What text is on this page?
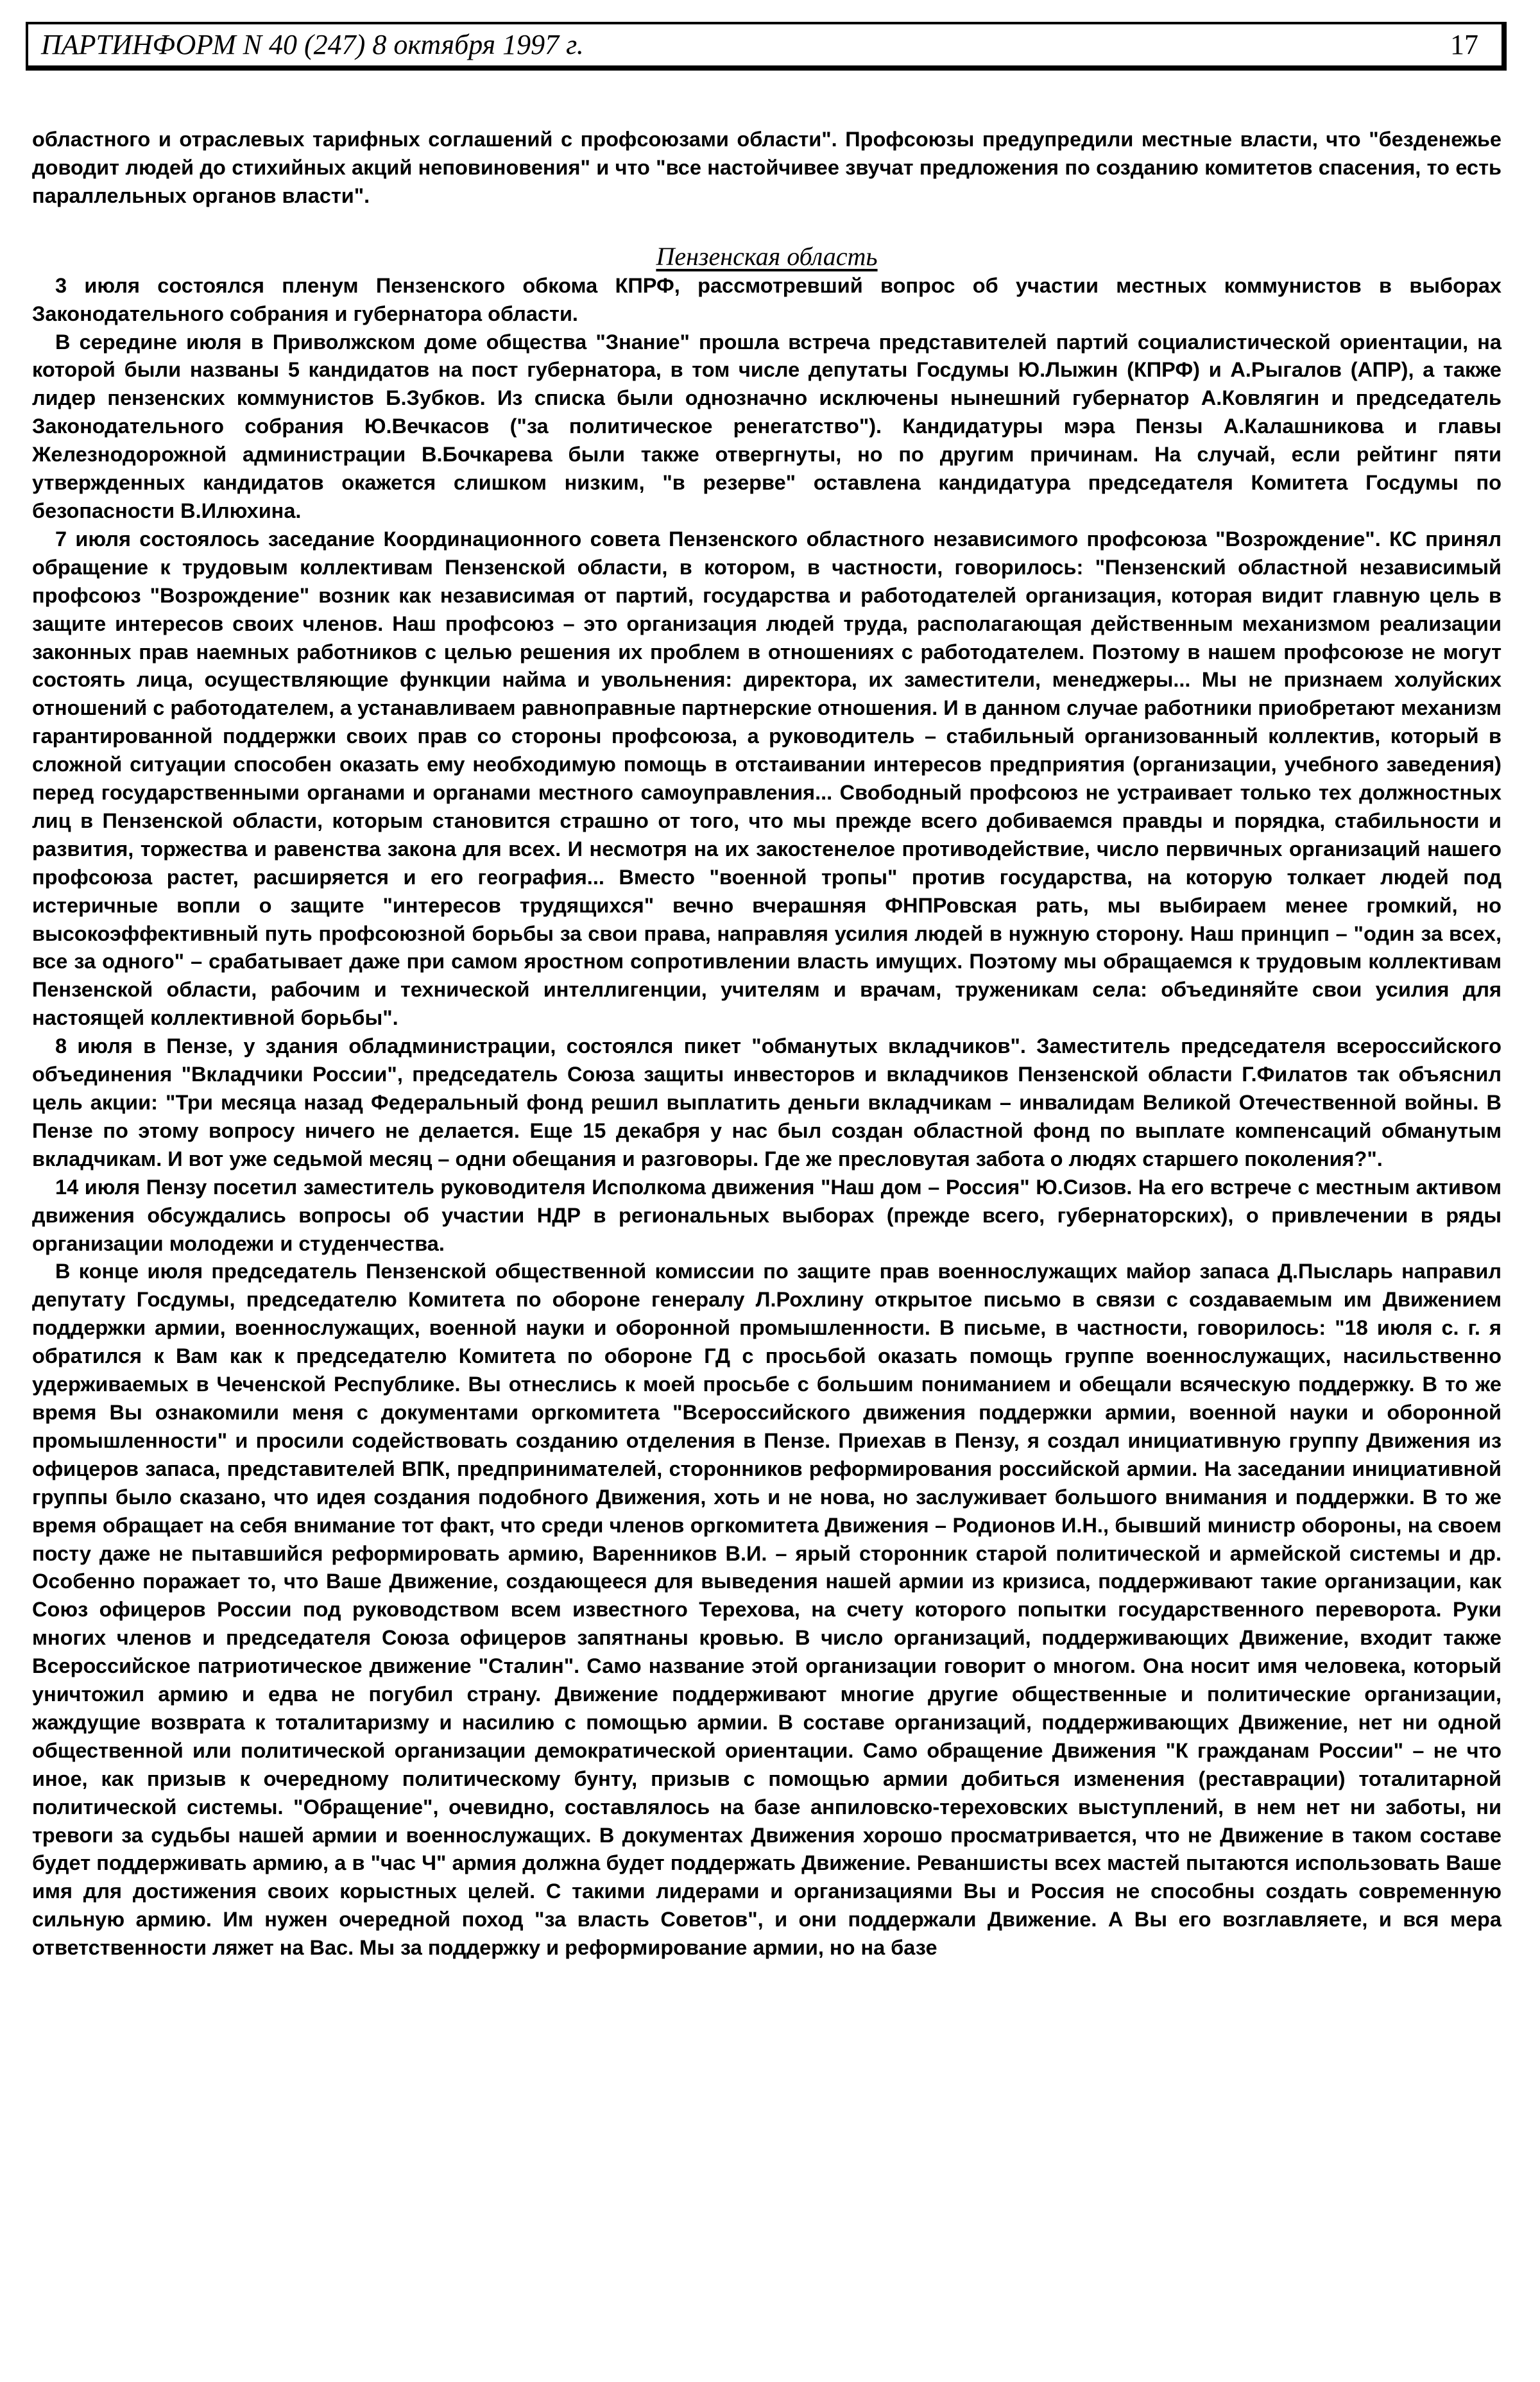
ПАРТИНФОРМ N 40 (247) 8 октября 1997 г.	17

областного и отраслевых тарифных соглашений с профсоюзами области". Профсоюзы предупредили местные власти, что "безденежье доводит людей до стихийных акций неповиновения" и что "все настойчивее звучат предложения по созданию комитетов спасения, то есть параллельных органов власти".

Пензенская область

3 июля состоялся пленум Пензенского обкома КПРФ, рассмотревший вопрос об участии местных коммунистов в выборах Законодательного собрания и губернатора области.

В середине июля в Приволжском доме общества "Знание" прошла встреча представителей партий социалистической ориентации, на которой были названы 5 кандидатов на пост губернатора, в том числе депутаты Госдумы Ю.Лыжин (КПРФ) и А.Рыгалов (АПР), а также лидер пензенских коммунистов Б.Зубков. Из списка были однозначно исключены нынешний губернатор А.Ковлягин и председатель Законодательного собрания Ю.Вечкасов ("за политическое ренегатство"). Кандидатуры мэра Пензы А.Калашникова и главы Железнодорожной администрации В.Бочкарева были также отвергнуты, но по другим причинам. На случай, если рейтинг пяти утвержденных кандидатов окажется слишком низким, "в резерве" оставлена кандидатура председателя Комитета Госдумы по безопасности В.Илюхина.

7 июля состоялось заседание Координационного совета Пензенского областного независимого профсоюза "Возрождение". КС принял обращение к трудовым коллективам Пензенской области, в котором, в частности, говорилось: "Пензенский областной независимый профсоюз "Возрождение" возник как независимая от партий, государства и работодателей организация, которая видит главную цель в защите интересов своих членов. Наш профсоюз – это организация людей труда, располагающая действенным механизмом реализации законных прав наемных работников с целью решения их проблем в отношениях с работодателем. Поэтому в нашем профсоюзе не могут состоять лица, осуществляющие функции найма и увольнения: директора, их заместители, менеджеры... Мы не признаем холуйских отношений с работодателем, а устанавливаем равноправные партнерские отношения. И в данном случае работники приобретают механизм гарантированной поддержки своих прав со стороны профсоюза, а руководитель – стабильный организованный коллектив, который в сложной ситуации способен оказать ему необходимую помощь в отстаивании интересов предприятия (организации, учебного заведения) перед государственными органами и органами местного самоуправления... Свободный профсоюз не устраивает только тех должностных лиц в Пензенской области, которым становится страшно от того, что мы прежде всего добиваемся правды и порядка, стабильности и развития, торжества и равенства закона для всех. И несмотря на их закостенелое противодействие, число первичных организаций нашего профсоюза растет, расширяется и его география... Вместо "военной тропы" против государства, на которую толкает людей под истеричные вопли о защите "интересов трудящихся" вечно вчерашняя ФНПРовская рать, мы выбираем менее громкий, но высокоэффективный путь профсоюзной борьбы за свои права, направляя усилия людей в нужную сторону. Наш принцип – "один за всех, все за одного" – срабатывает даже при самом яростном сопротивлении власть имущих. Поэтому мы обращаемся к трудовым коллективам Пензенской области, рабочим и технической интеллигенции, учителям и врачам, труженикам села: объединяйте свои усилия для настоящей коллективной борьбы".

8 июля в Пензе, у здания обладминистрации, состоялся пикет "обманутых вкладчиков". Заместитель председателя всероссийского объединения "Вкладчики России", председатель Союза защиты инвесторов и вкладчиков Пензенской области Г.Филатов так объяснил цель акции: "Три месяца назад Федеральный фонд решил выплатить деньги вкладчикам – инвалидам Великой Отечественной войны. В Пензе по этому вопросу ничего не делается. Еще 15 декабря у нас был создан областной фонд по выплате компенсаций обманутым вкладчикам. И вот уже седьмой месяц – одни обещания и разговоры. Где же пресловутая забота о людях старшего поколения?".

14 июля Пензу посетил заместитель руководителя Исполкома движения "Наш дом – Россия" Ю.Сизов. На его встрече с местным активом движения обсуждались вопросы об участии НДР в региональных выборах (прежде всего, губернаторских), о привлечении в ряды организации молодежи и студенчества.

В конце июля председатель Пензенской общественной комиссии по защите прав военнослужащих майор запаса Д.Пысларь направил депутату Госдумы, председателю Комитета по обороне генералу Л.Рохлину открытое письмо в связи с создаваемым им Движением поддержки армии, военнослужащих, военной науки и оборонной промышленности. В письме, в частности, говорилось: "18 июля с. г. я обратился к Вам как к председателю Комитета по обороне ГД с просьбой оказать помощь группе военнослужащих, насильственно удерживаемых в Чеченской Республике. Вы отнеслись к моей просьбе с большим пониманием и обещали всяческую поддержку. В то же время Вы ознакомили меня с документами оргкомитета "Всероссийского движения поддержки армии, военной науки и оборонной промышленности" и просили содействовать созданию отделения в Пензе. Приехав в Пензу, я создал инициативную группу Движения из офицеров запаса, представителей ВПК, предпринимателей, сторонников реформирования российской армии. На заседании инициативной группы было сказано, что идея создания подобного Движения, хоть и не нова, но заслуживает большого внимания и поддержки. В то же время обращает на себя внимание тот факт, что среди членов оргкомитета Движения – Родионов И.Н., бывший министр обороны, на своем посту даже не пытавшийся реформировать армию, Варенников В.И. – ярый сторонник старой политической и армейской системы и др. Особенно поражает то, что Ваше Движение, создающееся для выведения нашей армии из кризиса, поддерживают такие организации, как Союз офицеров России под руководством всем известного Терехова, на счету которого попытки государственного переворота. Руки многих членов и председателя Союза офицеров запятнаны кровью. В число организаций, поддерживающих Движение, входит также Всероссийское патриотическое движение "Сталин". Само название этой организации говорит о многом. Она носит имя человека, который уничтожил армию и едва не погубил страну. Движение поддерживают многие другие общественные и политические организации, жаждущие возврата к тоталитаризму и насилию с помощью армии. В составе организаций, поддерживающих Движение, нет ни одной общественной или политической организации демократической ориентации. Само обращение Движения "К гражданам России" – не что иное, как призыв к очередному политическому бунту, призыв с помощью армии добиться изменения (реставрации) тоталитарной политической системы. "Обращение", очевидно, составлялось на базе анпиловско-тереховских выступлений, в нем нет ни заботы, ни тревоги за судьбы нашей армии и военнослужащих. В документах Движения хорошо просматривается, что не Движение в таком составе будет поддерживать армию, а в "час Ч" армия должна будет поддержать Движение. Реваншисты всех мастей пытаются использовать Ваше имя для достижения своих корыстных целей. С такими лидерами и организациями Вы и Россия не способны создать современную сильную армию. Им нужен очередной поход "за власть Советов", и они поддержали Движение. А Вы его возглавляете, и вся мера ответственности ляжет на Вас. Мы за поддержку и реформирование армии, но на базе
